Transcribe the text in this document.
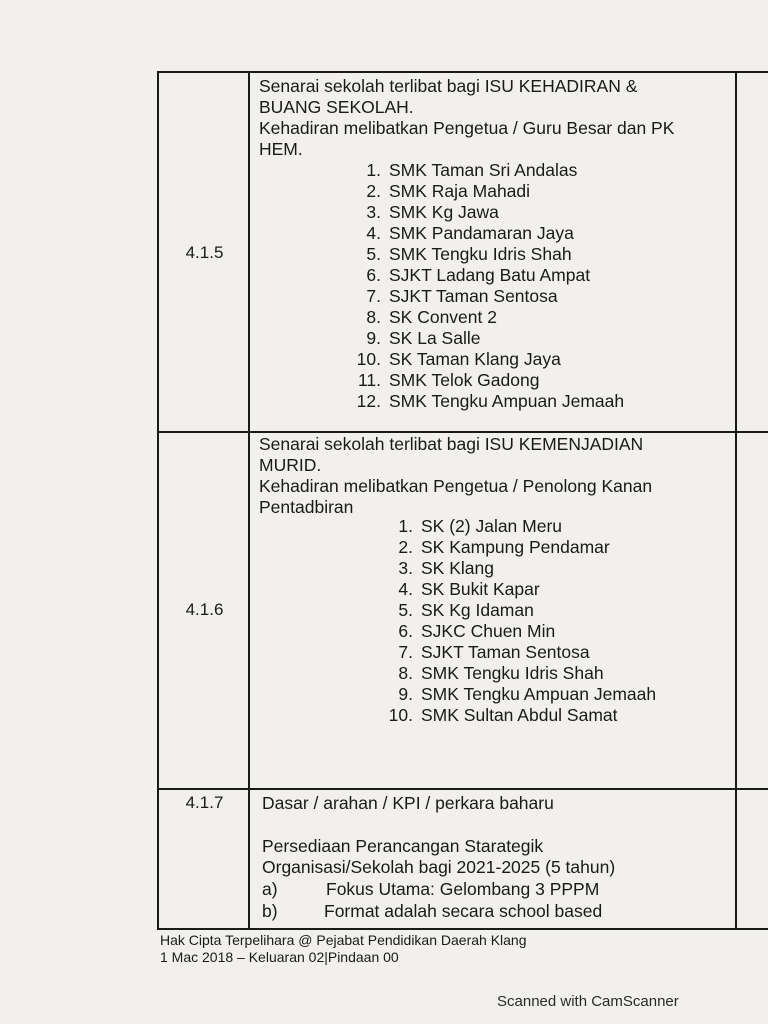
4.1.5
Senarai sekolah terlibat bagi ISU KEHADIRAN &
BUANG SEKOLAH.
Kehadiran melibatkan Pengetua / Guru Besar dan PK
HEM.
1. SMK Taman Sri Andalas
2. SMK Raja Mahadi
3. SMK Kg Jawa
4. SMK Pandamaran Jaya
5. SMK Tengku Idris Shah
6. SJKT Ladang Batu Ampat
7. SJKT Taman Sentosa
8. SK Convent 2
9. SK La Salle
10. SK Taman Klang Jaya
11. SMK Telok Gadong
12. SMK Tengku Ampuan Jemaah
4.1.6
Senarai sekolah terlibat bagi ISU KEMENJADIAN
MURID.
Kehadiran melibatkan Pengetua / Penolong Kanan
Pentadbiran
1. SK (2) Jalan Meru
2. SK Kampung Pendamar
3. SK Klang
4. SK Bukit Kapar
5. SK Kg Idaman
6. SJKC Chuen Min
7. SJKT Taman Sentosa
8. SMK Tengku Idris Shah
9. SMK Tengku Ampuan Jemaah
10. SMK Sultan Abdul Samat
4.1.7	Dasar / arahan / KPI / perkara baharu
Persediaan Perancangan Starategik
Organisasi/Sekolah bagi 2021-2025 (5 tahun)
a)	Fokus Utama: Gelombang 3 PPPM
b)	Format adalah secara school based
Hak Cipta Terpelihara @ Pejabat Pendidikan Daerah Klang
1 Mac 2018 – Keluaran 02|Pindaan 00
Scanned with CamScanner
